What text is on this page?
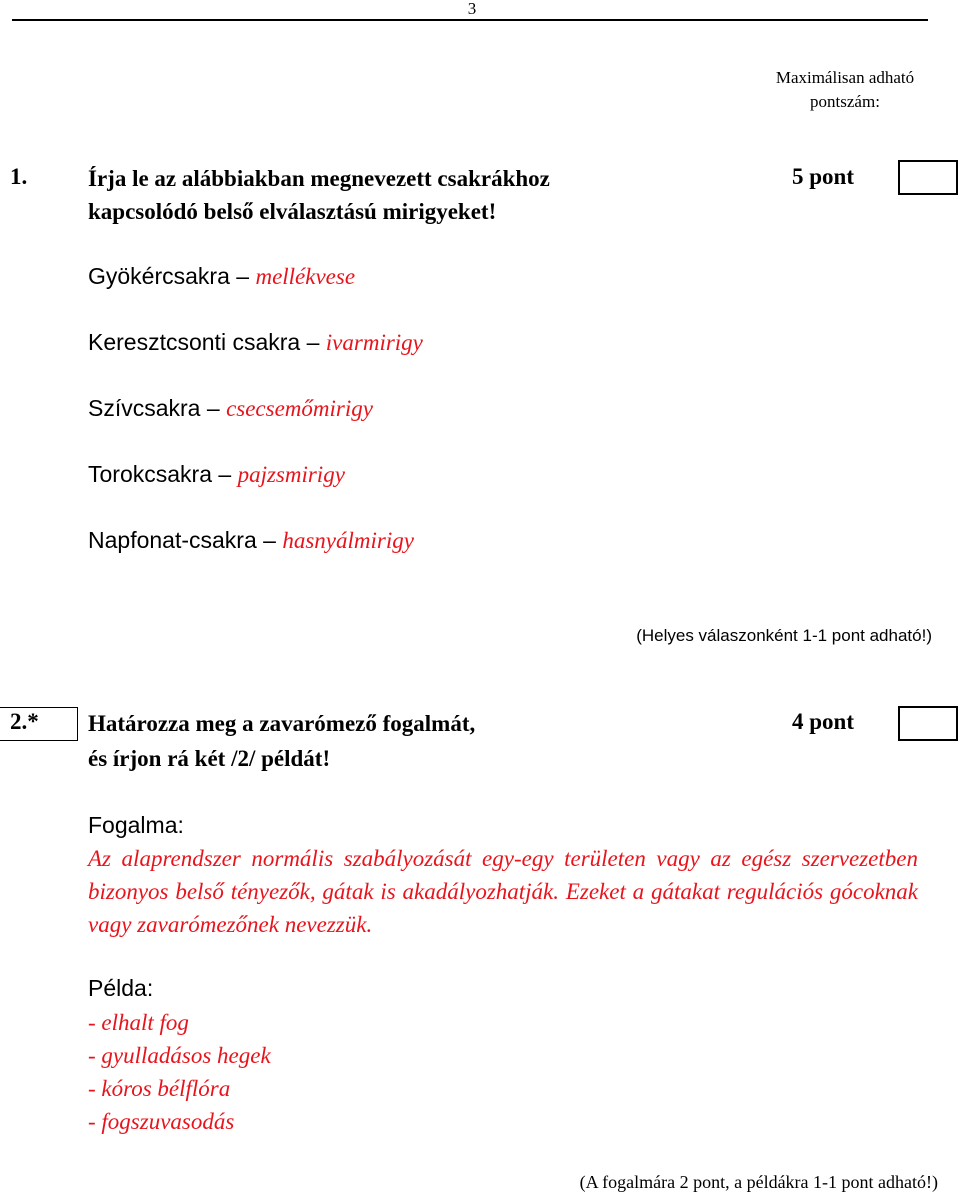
3
Maximálisan adható pontszám:
1.	Írja le az alábbiakban megnevezett csakrákhoz
kapcsolódó belső elválasztású mirigyeket!
5 pont
Gyökércsakra – mellékvese
Keresztcsonti csakra – ivarmirigy
Szívcsakra – csecsemőmirigy
Torokcsakra – pajzsmirigy
Napfonat-csakra – hasnyálmirigy
(Helyes válaszonként 1-1 pont adható!)
2.* Határozza meg a zavarómező fogalmát,
és írjon rá két /2/ példát!
4 pont
Fogalma:
Az alaprendszer normális szabályozását egy-egy területen vagy az egész szervezetben bizonyos belső tényezők, gátak is akadályozhatják. Ezeket a gátakat regulációs gócoknak vagy zavarómezőnek nevezzük.
Példa:
- elhalt fog
- gyulladásos hegek
- kóros bélflóra
- fogszuvasodás
(A fogalmára 2 pont, a példákra 1-1 pont adható!)
